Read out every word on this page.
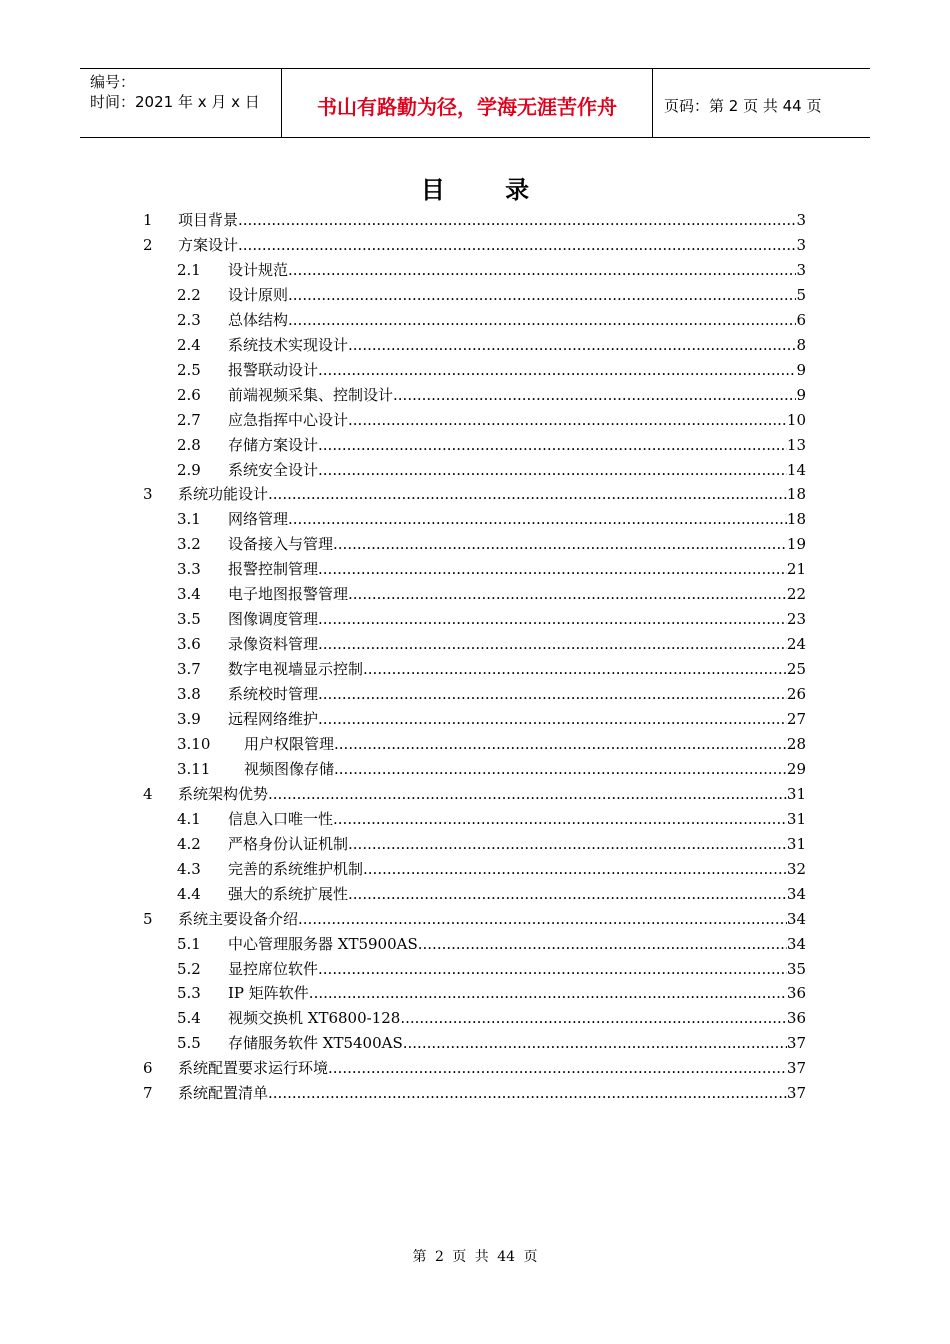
编号：
时间：2021 年 x 月 x 日	书山有路勤为径，学海无涯苦作舟	页码：第 2 页 共 44 页
目 录
1	项目背景 .....	3
2	方案设计 .....	3
2.1	设计规范 .....	3
2.2	设计原则 .....	5
2.3	总体结构 .....	6
2.4	系统技术实现设计 .....	8
2.5	报警联动设计 .....	9
2.6	前端视频采集、控制设计 .....	9
2.7	应急指挥中心设计 .....	10
2.8	存储方案设计 .....	13
2.9	系统安全设计 .....	14
3	系统功能设计 .....	18
3.1	网络管理 .....	18
3.2	设备接入与管理 .....	19
3.3	报警控制管理 .....	21
3.4	电子地图报警管理 .....	22
3.5	图像调度管理 .....	23
3.6	录像资料管理 .....	24
3.7	数字电视墙显示控制 .....	25
3.8	系统校时管理 .....	26
3.9	远程网络维护 .....	27
3.10	用户权限管理 .....	28
3.11	视频图像存储 .....	29
4	系统架构优势 .....	31
4.1	信息入口唯一性 .....	31
4.2	严格身份认证机制 .....	31
4.3	完善的系统维护机制 .....	32
4.4	强大的系统扩展性 .....	34
5	系统主要设备介绍 .....	34
5.1	中心管理服务器 XT5900AS .....	34
5.2	显控席位软件 .....	35
5.3	IP 矩阵软件 .....	36
5.4	视频交换机 XT6800-128 .....	36
5.5	存储服务软件 XT5400AS .....	37
6	系统配置要求运行环境 .....	37
7	系统配置清单 .....	37
第 2 页 共 44 页
